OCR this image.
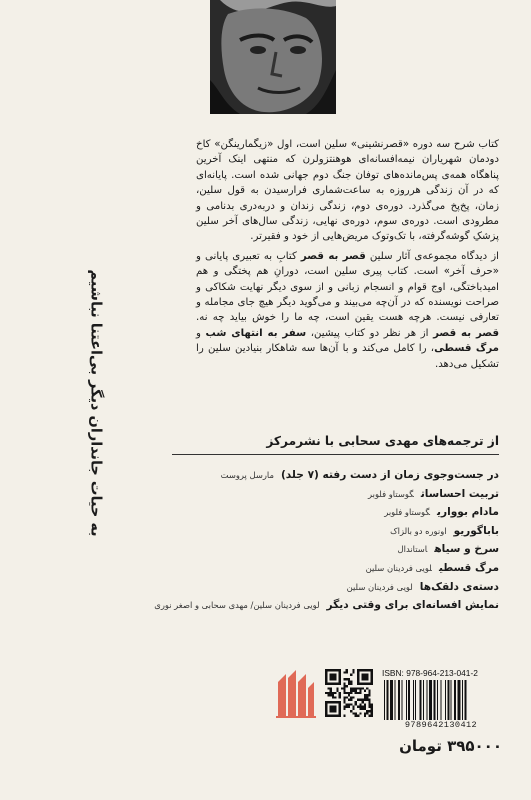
به حیات جانداران دیگر بی‌اعتنا نباشیم

کتاب شرح سه دوره «قصرنشینی» سلین است، اول «زیگمارینگن» کاخ دودمان شهریاران نیمه‌افسانه‌ای هوهنتزولرن که منتهی اینک آخرین پناهگاه همه‌ی پس‌مانده‌های توفان جنگ دوم جهانی شده است. پایانه‌ای که در آن زندگی هرروزه به ساعت‌شماری فرارسیدن به قول سلین، زمان، پخ‌پخ می‌گذرد. دوره‌ی دوم، زندگی زندان و دربه‌دری بدنامی و مطرودی است. دوره‌ی سوم، دوره‌ی نهایی، زندگی سال‌های آخر سلین پزشکِ گوشه‌گرفته، با تک‌وتوک مریض‌هایی از خود و فقیرتر.

از دیدگاه مجموعه‌ی آثار سلین قصر به قصر کتابِ به تعبیری پایانی و «حرف آخر» است. کتاب پیری سلین است، دورانِ هم پختگی و هم امیدباختگی، اوج قوام و انسجام زبانی و از سوی دیگر نهایت شکاکی و صراحت نویسنده که در آن‌چه می‌بیند و می‌گوید دیگر هیچ جای مجامله و تعارفی نیست. هرچه هست یقین است، چه ما را خوش بیاید چه نه. قصر به قصر از هر نظر دو کتاب پیشین، سفر به انتهای شب و مرگ قسطی، را کامل می‌کند و با آن‌ها سه شاهکار بنیادین سلین را تشکیل می‌دهد.

از ترجمه‌های مهدی سحابی با نشرمرکز
در جست‌وجوی زمان از دست رفته (۷ جلد)مارسل پروست
تربیت احساساتگوستاو فلوبر
مادام بوواریگوستاو فلوبر
باباگوریواونوره دو بالزاک
سرخ و سیاهاستاندال
مرگ قسطیلویی فردینان سلین
دسته‌ی دلقک‌هالویی فردینان سلین
نمایش افسانه‌ای برای وقتی دیگرلویی فردینان سلین/ مهدی سحابی و اصغر نوری
ISBN: 978-964-213-041-2
9789642130412
۳۹۵۰۰۰ تومان
